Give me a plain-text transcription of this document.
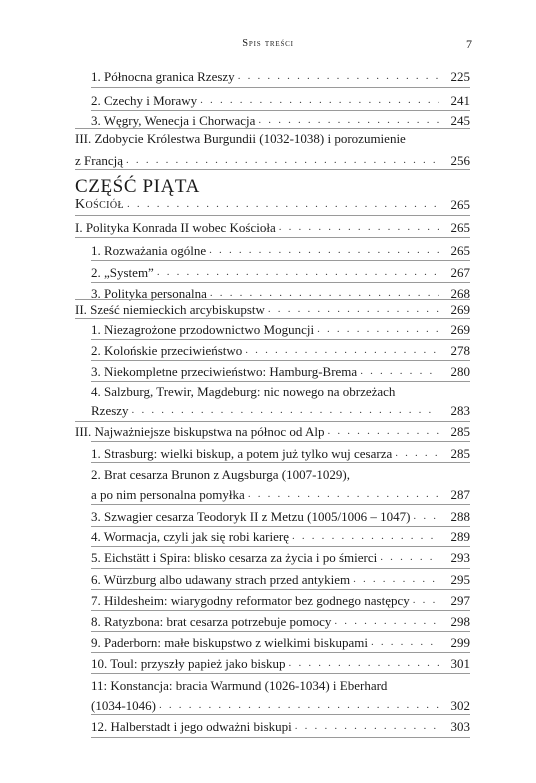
Spis treści	7
1. Północna granica Rzeszy . . .	225
2. Czechy i Morawy . . .	241
3. Węgry, Wenecja i Chorwacja . . .	245
III. Zdobycie Królestwa Burgundii (1032-1038) i porozumienie
z Francją . . .	256
CZĘŚĆ PIĄTA
Kościół . . .	265
I. Polityka Konrada II wobec Kościoła . . .	265
1. Rozważania ogólne . . .	265
2. „System” . . .	267
3. Polityka personalna . . .	268
II. Sześć niemieckich arcybiskupstw . . .	269
1. Niezagrożone przodownictwo Moguncji . . .	269
2. Kolońskie przeciwieństwo . . .	278
3. Niekompletne przeciwieństwo: Hamburg-Brema . . .	280
4. Salzburg, Trewir, Magdeburg: nic nowego na obrzeżach
Rzeszy . . .	283
III. Najważniejsze biskupstwa na północ od Alp . . .	285
1. Strasburg: wielki biskup, a potem już tylko wuj cesarza . . .	285
2. Brat cesarza Brunon z Augsburga (1007-1029),
a po nim personalna pomyłka . . .	287
3. Szwagier cesarza Teodoryk II z Metzu (1005/1006 – 1047) . . .	288
4. Wormacja, czyli jak się robi karierę . . .	289
5. Eichstätt i Spira: blisko cesarza za życia i po śmierci . . .	293
6. Würzburg albo udawany strach przed antykiem . . .	295
7. Hildesheim: wiarygodny reformator bez godnego następcy . . .	297
8. Ratyzbona: brat cesarza potrzebuje pomocy . . .	298
9. Paderborn: małe biskupstwo z wielkimi biskupami . . .	299
10. Toul: przyszły papież jako biskup . . .	301
11: Konstancja: bracia Warmund (1026-1034) i Eberhard
(1034-1046) . . .	302
12. Halberstadt i jego odważni biskupi . . .	303
